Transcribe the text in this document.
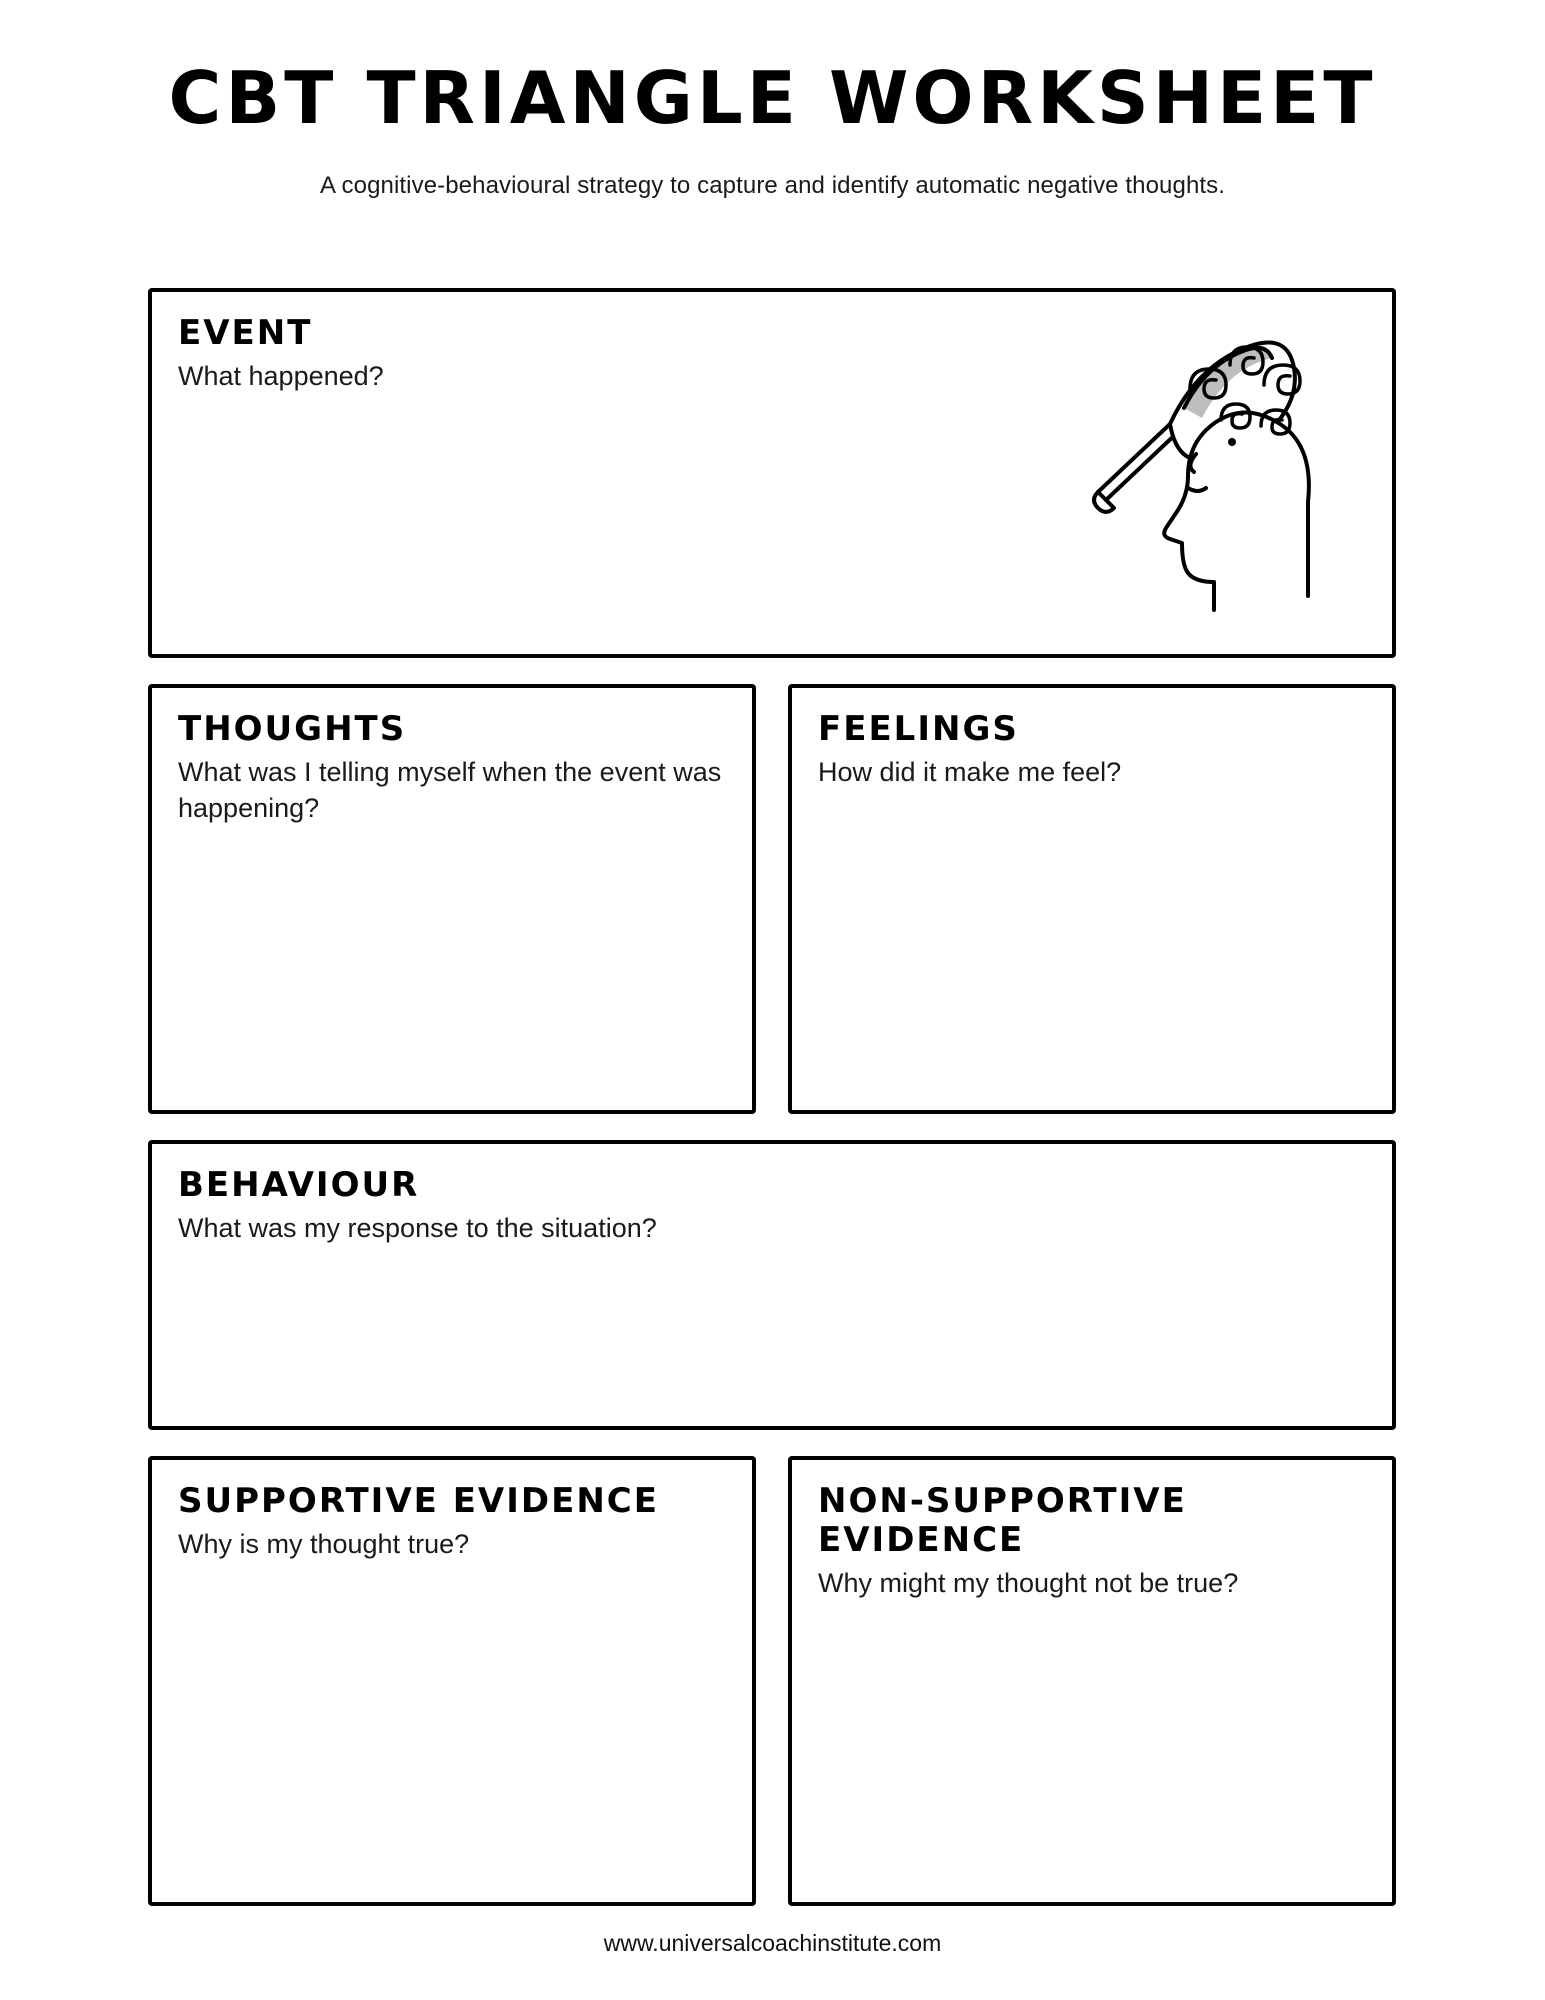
CBT TRIANGLE WORKSHEET

A cognitive-behavioural strategy to capture and identify automatic negative thoughts.

EVENT

What happened?

THOUGHTS

What was I telling myself when the event was happening?

FEELINGS

How did it make me feel?

BEHAVIOUR

What was my response to the situation?

SUPPORTIVE EVIDENCE

Why is my thought true?

NON-SUPPORTIVE EVIDENCE

Why might my thought not be true?

www.universalcoachinstitute.com
